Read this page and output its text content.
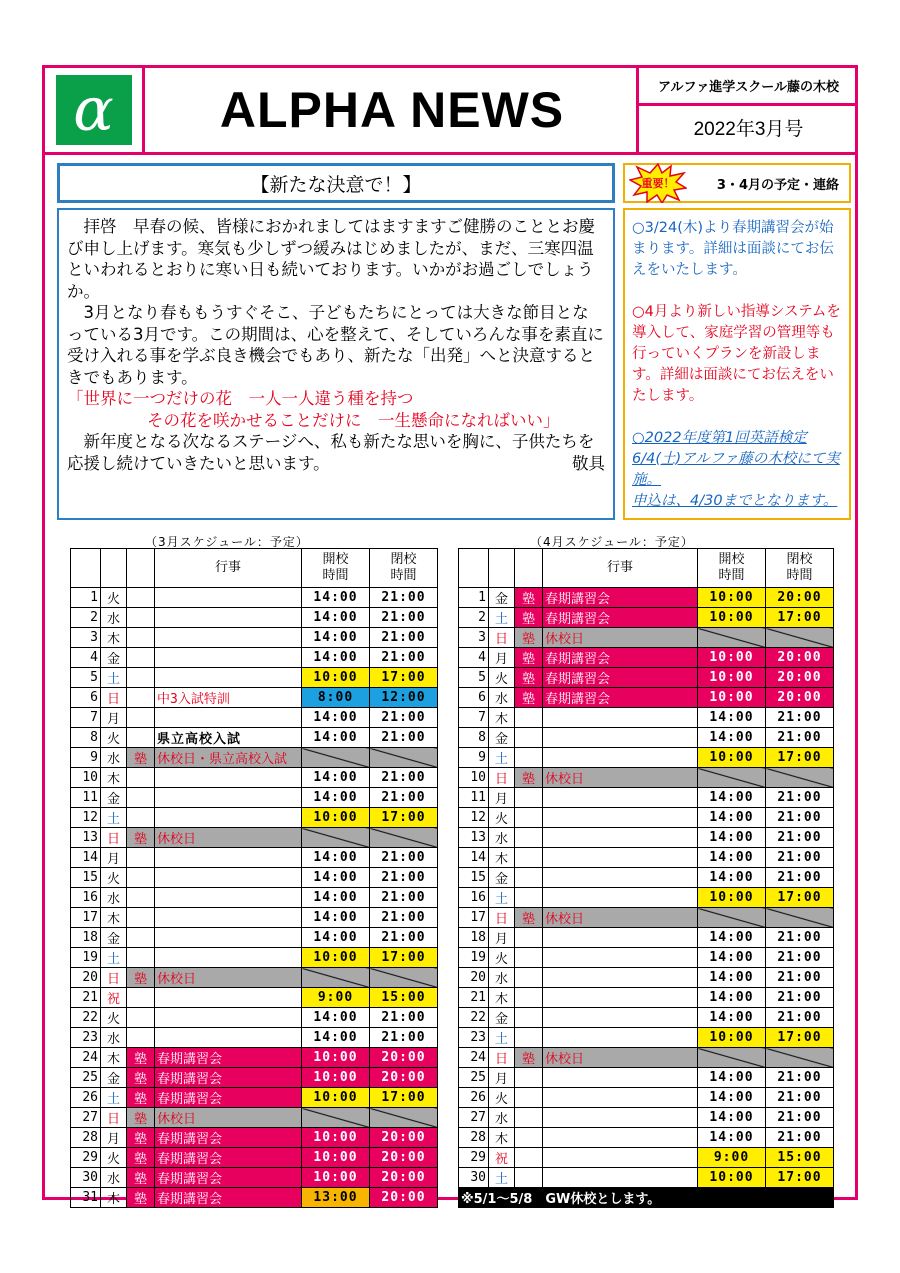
α ALPHA NEWS	アルファ進学スクール藤の木校
2022年3月号
【新たな決意で！】

拝啓　早春の候、皆様におかれましてはますますご健勝のこととお慶び申し上げます。寒気も少しずつ緩みはじめましたが、まだ、三寒四温といわれるとおりに寒い日も続いております。いかがお過ごしでしょうか。

3月となり春ももうすぐそこ、子どもたちにとっては大きな節目となっている3月です。この期間は、心を整えて、そしていろんな事を素直に受け入れる事を学ぶ良き機会でもあり、新たな「出発」へと決意するときでもあります。

「世界に一つだけの花　一人一人違う種を持つ

その花を咲かせることだけに　一生懸命になればいい」

新年度となる次なるステージへ、私も新たな思いを胸に、子供たちを応援し続けていきたいと思います。	敬具

重要！	3・4月の予定・連絡

○3/24(木)より春期講習会が始まります。詳細は面談にてお伝えをいたします。

○4月より新しい指導システムを導入して、家庭学習の管理等も行っていくプランを新設します。詳細は面談にてお伝えをいたします。

○2022年度第1回英語検定 6/4(土)アルファ藤の木校にて実施。

申込は、4/30までとなります。

（3月スケジュール：予定）	（4月スケジュール：予定）
			行事	開校
時間	閉校
時間
1	火			14:00	21:00
2	水			14:00	21:00
3	木			14:00	21:00
4	金			14:00	21:00
5	土			10:00	17:00
6	日		中3入試特訓	8:00	12:00
7	月			14:00	21:00
8	火		県立高校入試	14:00	21:00
9	水	塾	休校日・県立高校入試		
10	木			14:00	21:00
11	金			14:00	21:00
12	土			10:00	17:00
13	日	塾	休校日		
14	月			14:00	21:00
15	火			14:00	21:00
16	水			14:00	21:00
17	木			14:00	21:00
18	金			14:00	21:00
19	土			10:00	17:00
20	日	塾	休校日		
21	祝			9:00	15:00
22	火			14:00	21:00
23	水			14:00	21:00
24	木	塾	春期講習会	10:00	20:00
25	金	塾	春期講習会	10:00	20:00
26	土	塾	春期講習会	10:00	17:00
27	日	塾	休校日		
28	月	塾	春期講習会	10:00	20:00
29	火	塾	春期講習会	10:00	20:00
30	水	塾	春期講習会	10:00	20:00
31	木	塾	春期講習会	13:00	20:00
			行事	開校
時間	閉校
時間
1	金	塾	春期講習会	10:00	20:00
2	土	塾	春期講習会	10:00	17:00
3	日	塾	休校日		
4	月	塾	春期講習会	10:00	20:00
5	火	塾	春期講習会	10:00	20:00
6	水	塾	春期講習会	10:00	20:00
7	木			14:00	21:00
8	金			14:00	21:00
9	土			10:00	17:00
10	日	塾	休校日		
11	月			14:00	21:00
12	火			14:00	21:00
13	水			14:00	21:00
14	木			14:00	21:00
15	金			14:00	21:00
16	土			10:00	17:00
17	日	塾	休校日		
18	月			14:00	21:00
19	火			14:00	21:00
20	水			14:00	21:00
21	木			14:00	21:00
22	金			14:00	21:00
23	土			10:00	17:00
24	日	塾	休校日		
25	月			14:00	21:00
26	火			14:00	21:00
27	水			14:00	21:00
28	木			14:00	21:00
29	祝			9:00	15:00
30	土			10:00	17:00
※5/1～5/8　GW休校とします。					
